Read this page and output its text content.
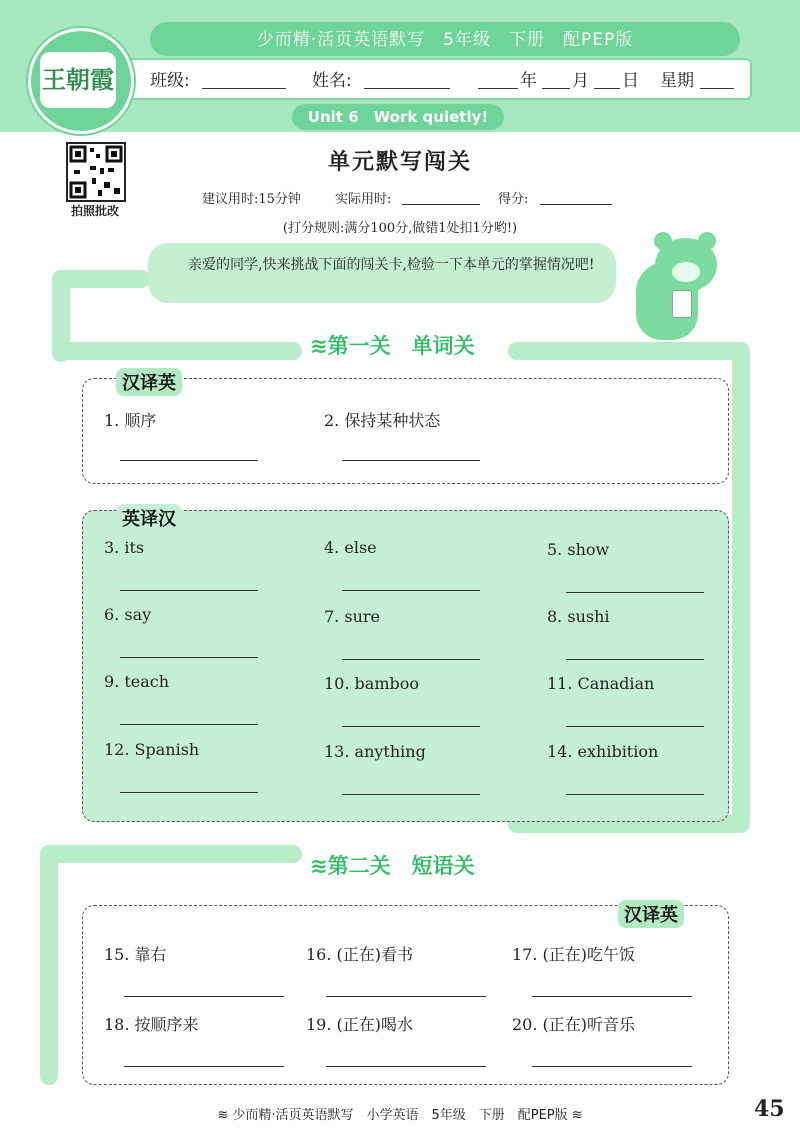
少而精·活页英语默写　5年级　下册　配PEP版
班级:	姓名:	年 月 日 星期
王朝霞
Unit 6　Work quietly!
拍照批改
单元默写闯关
建议用时:15分钟	实际用时:	得分:
(打分规则:满分100分,做错1处扣1分哟!)
亲爱的同学,快来挑战下面的闯关卡,检验一下本单元的掌握情况吧!
≋第一关　单词关
汉译英
1. 顺序	2. 保持某种状态
英译汉
3. its	4. else	5. show
6. say	7. sure	8. sushi
9. teach	10. bamboo	11. Canadian
12. Spanish	13. anything	14. exhibition
≋第二关　短语关
汉译英
15. 靠右	16. (正在)看书	17. (正在)吃午饭
18. 按顺序来	19. (正在)喝水	20. (正在)听音乐
≋ 少而精·活页英语默写　小学英语　5年级　下册　配PEP版 ≋	45
